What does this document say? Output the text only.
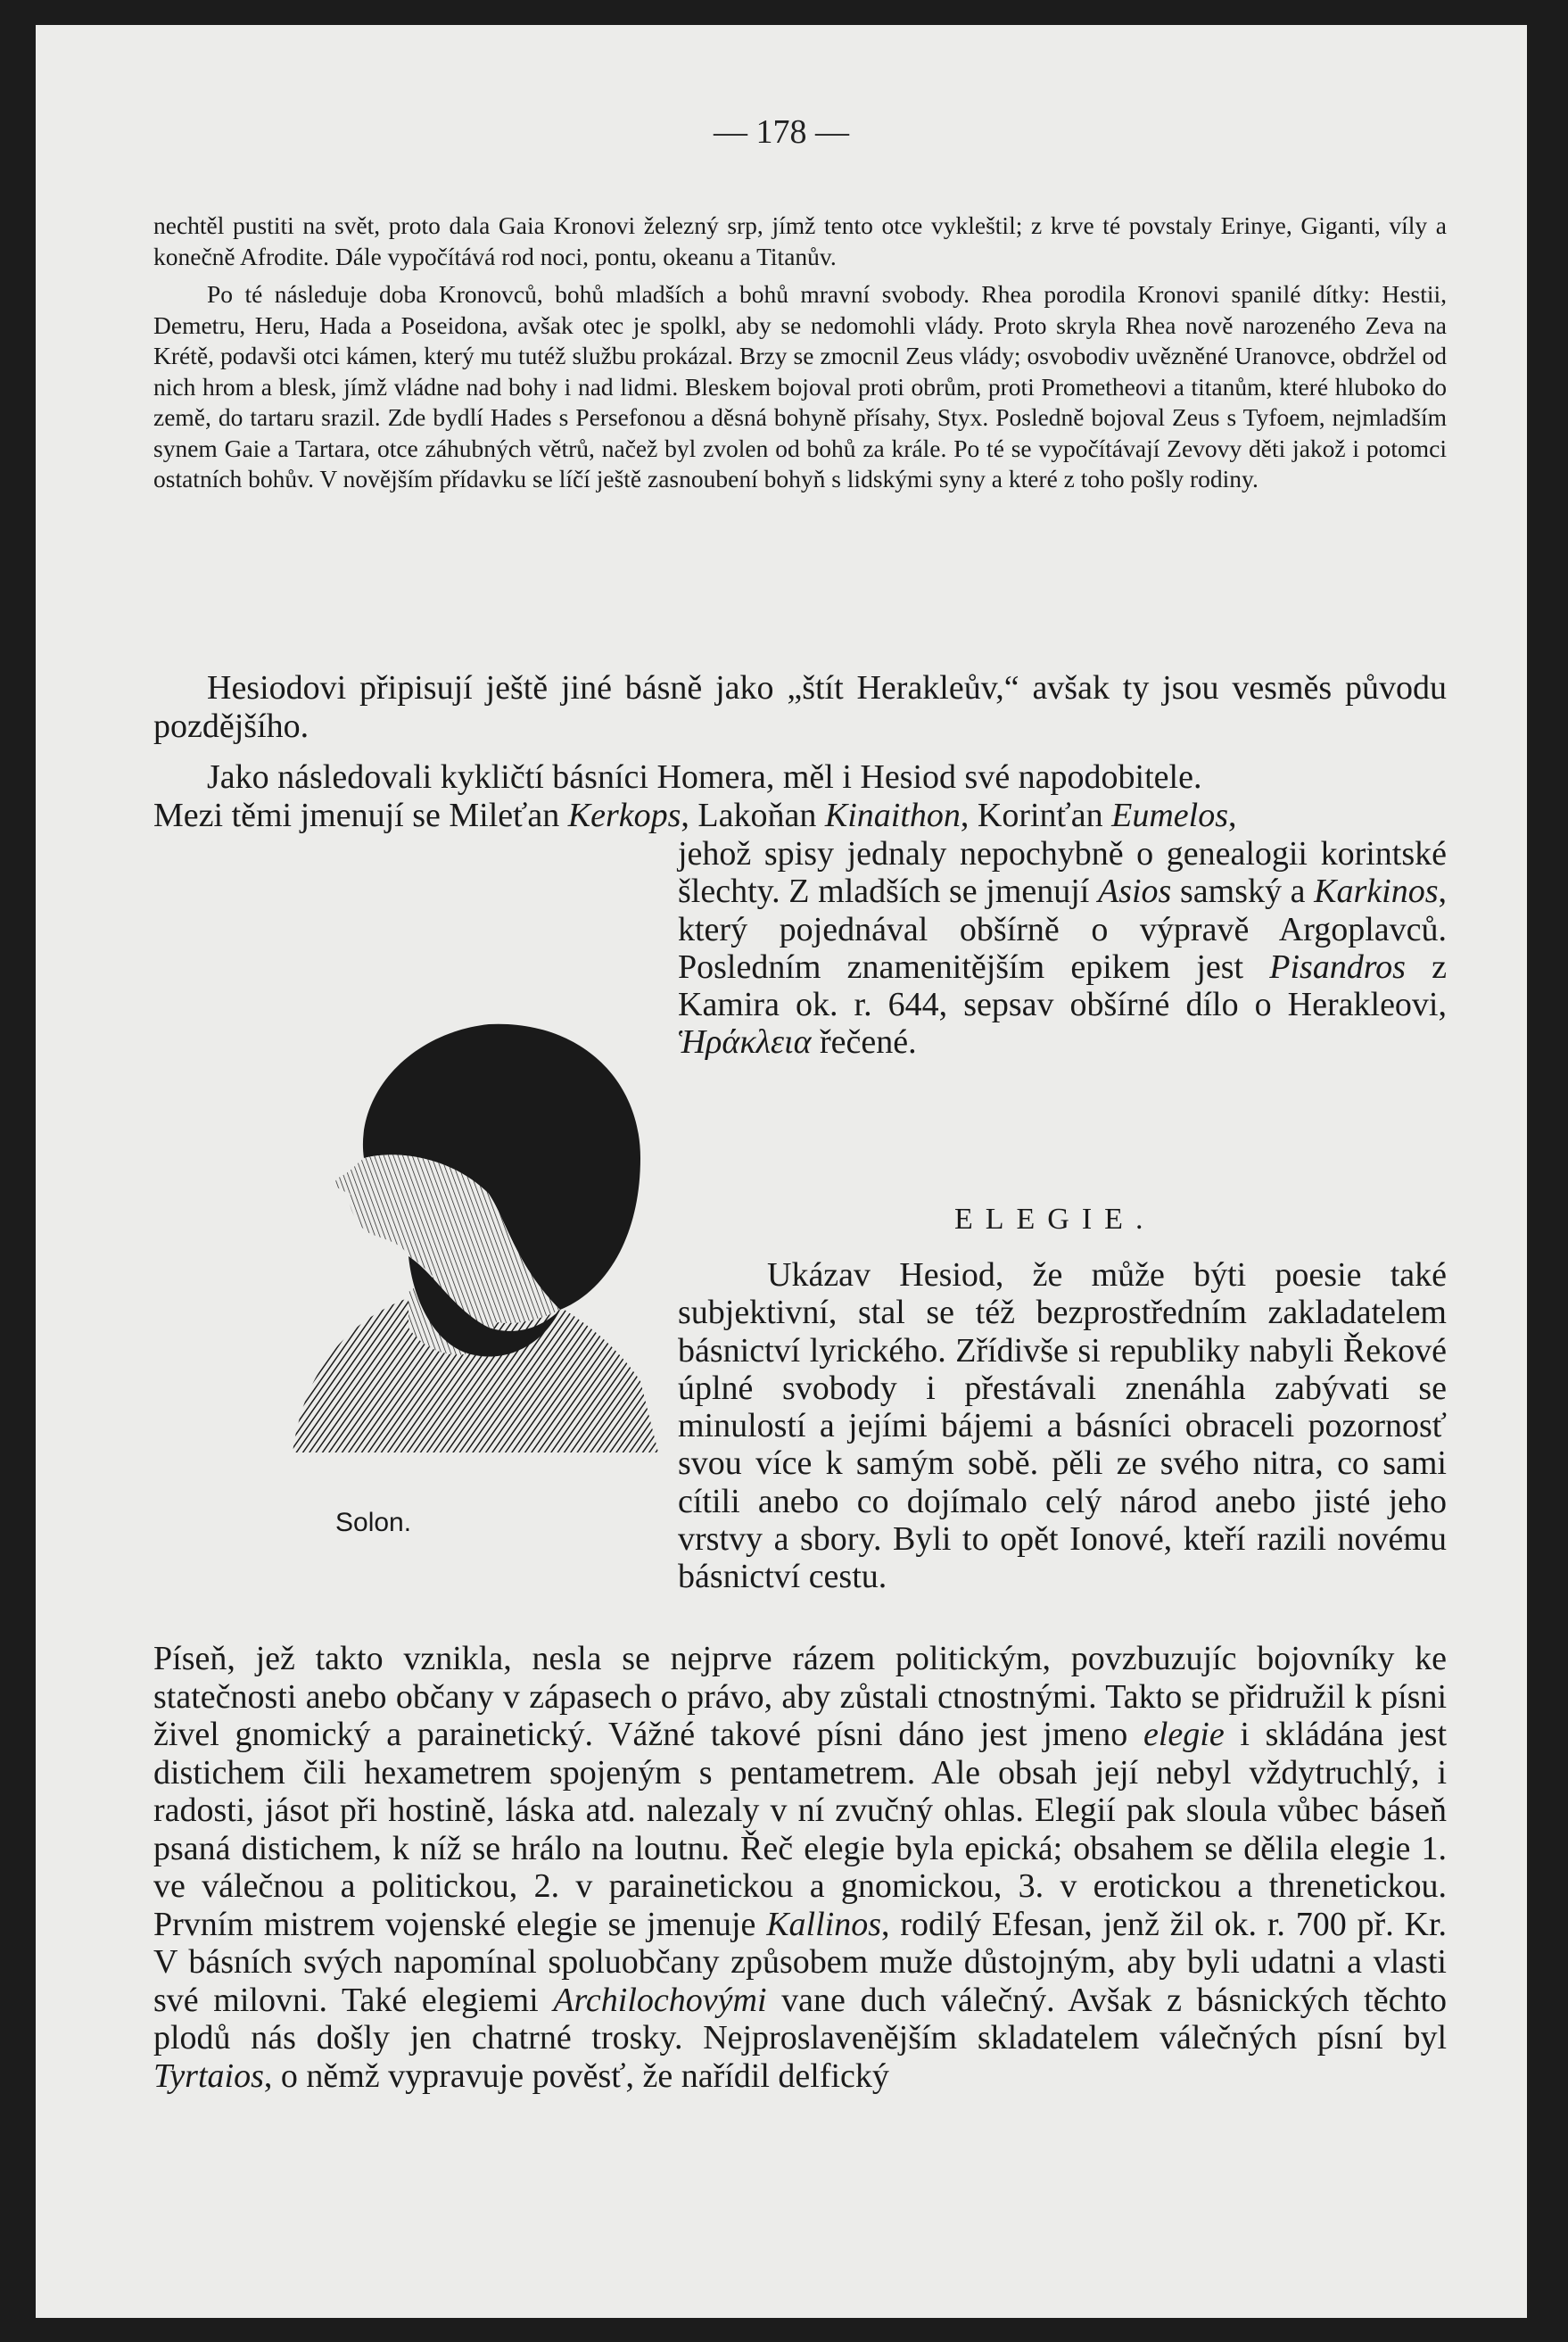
— 178 —

nechtěl pustiti na svět, proto dala Gaia Kronovi železný srp, jímž tento otce vykleštil; z krve té povstaly Erinye, Giganti, víly a konečně Afrodite. Dále vypočítává rod noci, pontu, okeanu a Titanův.

Po té následuje doba Kronovců, bohů mladších a bohů mravní svobody. Rhea porodila Kronovi spanilé dítky: Hestii, Demetru, Heru, Hada a Poseidona, avšak otec je spolkl, aby se nedomohli vlády. Proto skryla Rhea nově narozeného Zeva na Krétě, podavši otci kámen, který mu tutéž službu prokázal. Brzy se zmocnil Zeus vlády; osvobodiv uvězněné Uranovce, obdržel od nich hrom a blesk, jímž vládne nad bohy i nad lidmi. Bleskem bojoval proti obrům, proti Prometheovi a titanům, které hluboko do země, do tartaru srazil. Zde bydlí Hades s Persefonou a děsná bohyně přísahy, Styx. Posledně bojoval Zeus s Tyfoem, nejmladším synem Gaie a Tartara, otce záhubných větrů, načež byl zvolen od bohů za krále. Po té se vypočítávají Zevovy děti jakož i potomci ostatních bohův. V novějším přídavku se líčí ještě zasnoubení bohyň s lidskými syny a které z toho pošly rodiny.

Hesiodovi připisují ještě jiné básně jako „štít Herakleův,“ avšak ty jsou vesměs původu pozdějšího.

Jako následovali kykličtí básníci Homera, měl i Hesiod své napodobitele.

Mezi těmi jmenují se Mileťan Kerkops, Lakoňan Kinaithon, Korinťan Eumelos,

jehož spisy jednaly nepochybně o genealogii korintské šlechty. Z mladších se jmenují Asios samský a Karkinos, který pojednával obšírně o výpravě Argoplavců. Posledním znamenitějším epikem jest Pisandros z Kamira ok. r. 644, sepsav obšírné dílo o Herakleovi, Ἡράκλεια řečené.

Solon.
ELEGIE.

Ukázav Hesiod, že může býti poesie také subjektivní, stal se též bezprostředním zakladatelem básnictví lyrického. Zřídivše si republiky nabyli Řekové úplné svobody i přestávali znenáhla zabývati se minulostí a jejími bájemi a básníci obraceli pozornosť svou více k samým sobě. pěli ze svého nitra, co sami cítili anebo co dojímalo celý národ anebo jisté jeho vrstvy a sbory. Byli to opět Ionové, kteří razili novému básnictví cestu.

Píseň, jež takto vznikla, nesla se nejprve rázem politickým, povzbuzujíc bojovníky ke statečnosti anebo občany v zápasech o právo, aby zůstali ctnostnými. Takto se přidružil k písni živel gnomický a parainetický. Vážné takové písni dáno jest jmeno elegie i skládána jest distichem čili hexametrem spojeným s pentametrem. Ale obsah její nebyl vždytruchlý, i radosti, jásot při hostině, láska atd. nalezaly v ní zvučný ohlas. Elegií pak sloula vůbec báseň psaná distichem, k níž se hrálo na loutnu. Řeč elegie byla epická; obsahem se dělila elegie 1. ve válečnou a politickou, 2. v parainetickou a gnomickou, 3. v erotickou a threnetickou. Prvním mistrem vojenské elegie se jmenuje Kallinos, rodilý Efesan, jenž žil ok. r. 700 př. Kr. V básních svých napomínal spoluobčany způsobem muže důstojným, aby byli udatni a vlasti své milovni. Také elegiemi Archilochovými vane duch válečný. Avšak z básnických těchto plodů nás došly jen chatrné trosky. Nejproslavenějším skladatelem válečných písní byl Tyrtaios, o němž vypravuje pověsť, že nařídil delfický
